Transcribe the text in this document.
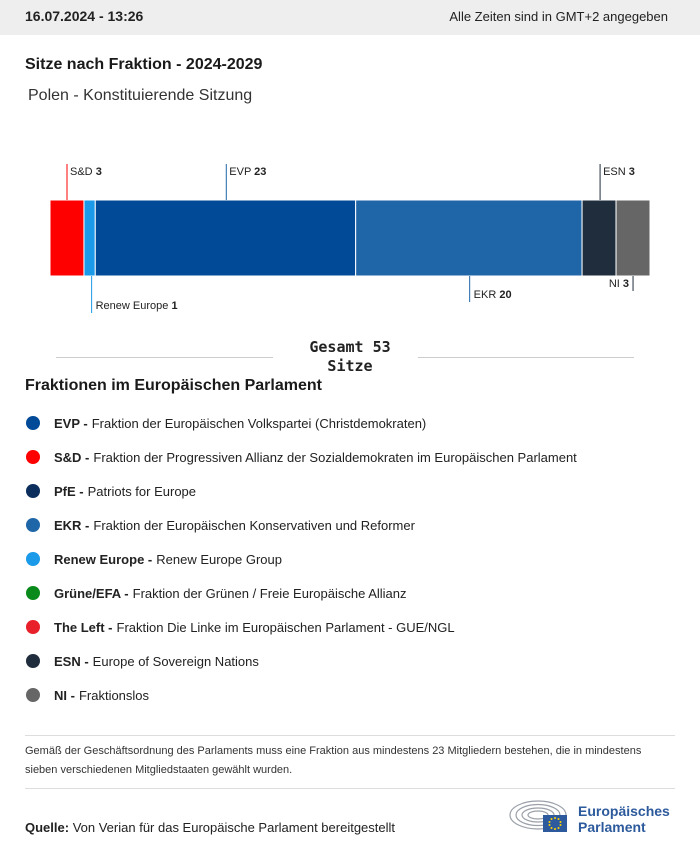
16.07.2024 - 13:26	Alle Zeiten sind in GMT+2 angegeben
Sitze nach Fraktion - 2024-2029
Polen - Konstituierende Sitzung
S&D 3
Renew Europe 1
EVP 23
EKR 20
ESN 3
NI 3
Gesamt 53
Sitze
Fraktionen im Europäischen Parlament
EVP - Fraktion der Europäischen Volkspartei (Christdemokraten)
S&D - Fraktion der Progressiven Allianz der Sozialdemokraten im Europäischen Parlament
PfE - Patriots for Europe
EKR - Fraktion der Europäischen Konservativen und Reformer
Renew Europe - Renew Europe Group
Grüne/EFA - Fraktion der Grünen / Freie Europäische Allianz
The Left - Fraktion Die Linke im Europäischen Parlament - GUE/NGL
ESN - Europe of Sovereign Nations
NI - Fraktionslos
Gemäß der Geschäftsordnung des Parlaments muss eine Fraktion aus mindestens 23 Mitgliedern bestehen, die in mindestens sieben verschiedenen Mitgliedstaaten gewählt wurden.
Quelle: Von Verian für das Europäische Parlament bereitgestellt
Europäisches
Parlament
